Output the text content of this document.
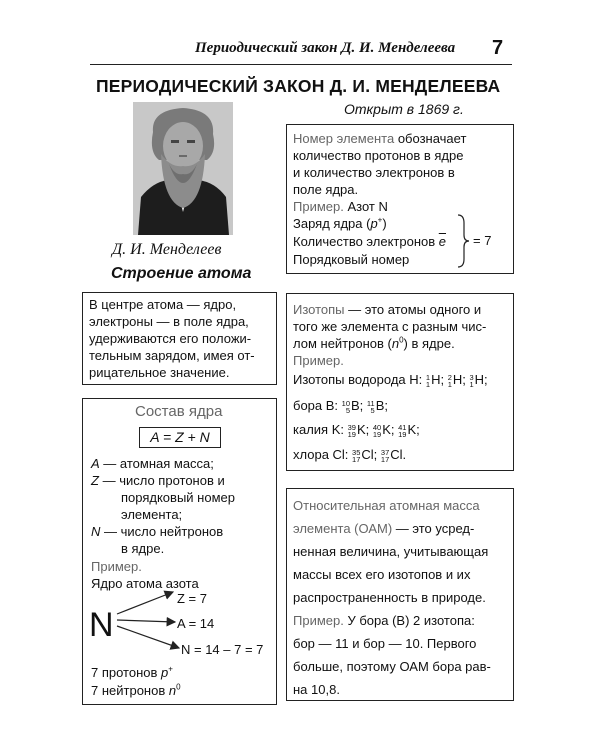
Периодический закон Д. И. Менделеева 7
ПЕРИОДИЧЕСКИЙ ЗАКОН Д. И. МЕНДЕЛЕЕВА
Открыт в 1869 г.
Д. И. Менделеев
Строение атома
В центре атома — ядро,
электроны — в поле ядра,
удерживаются его положи-
тельным зарядом, имея от-
рицательное значение.
Состав ядра
A = Z + N
A — атомная масса;
Z — число протонов и
порядковый номер
элемента;
N — число нейтронов
в ядре.
Пример.
Ядро атома азота
N
Z = 7
A = 14
N = 14 – 7 = 7
7 протонов p+
7 нейтронов $n^0$
Номер элемента обозначает
количество протонов в ядре
и количество электронов в
поле ядра.
Пример. Азот N
Заряд ядра (p+)
Количество электронов $\overline{e}$
Порядковый номер
= 7
Изотопы — это атомы одного и
того же элемента с разным чис-
лом нейтронов $(n^0)$ в ядре.
Пример.
Изотопы водорода H: 1
1 H; 2
1 H; 3
1 H;
бора B: 10
5 B; 11
5 B;
калия K: 39
19 K; 40
19 K; 41
19 K;
хлора Cl: 35
17 Cl; 37
17 Cl.
Относительная атомная масса
элемента (ОАМ) — это усред-
ненная величина, учитывающая
массы всех его изотопов и их
распространенность в природе.
Пример. У бора (B) 2 изотопа:
бор — 11 и бор — 10. Первого
больше, поэтому ОАМ бора рав-
на 10,8.
